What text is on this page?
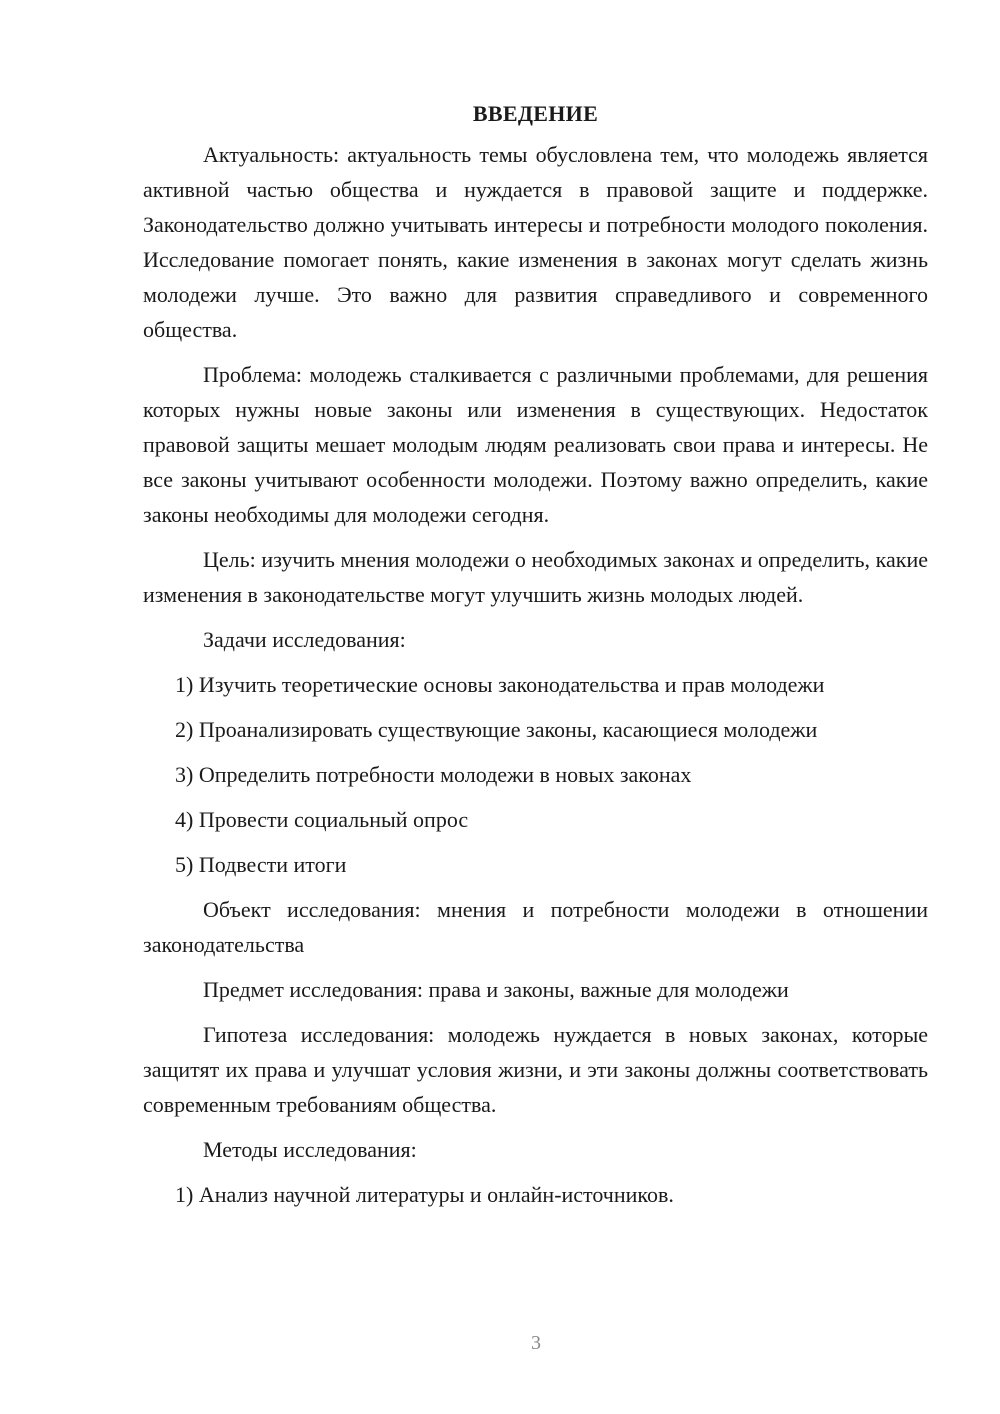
ВВЕДЕНИЕ

Актуальность: актуальность темы обусловлена тем, что молодежь является активной частью общества и нуждается в правовой защите и поддержке. Законодательство должно учитывать интересы и потребности молодого поколения. Исследование помогает понять, какие изменения в законах могут сделать жизнь молодежи лучше. Это важно для развития справедливого и современного общества.

Проблема: молодежь сталкивается с различными проблемами, для решения которых нужны новые законы или изменения в существующих. Недостаток правовой защиты мешает молодым людям реализовать свои права и интересы. Не все законы учитывают особенности молодежи. Поэтому важно определить, какие законы необходимы для молодежи сегодня.

Цель: изучить мнения молодежи о необходимых законах и определить, какие изменения в законодательстве могут улучшить жизнь молодых людей.

Задачи исследования:
1) Изучить теоретические основы законодательства и прав молодежи
2) Проанализировать существующие законы, касающиеся молодежи
3) Определить потребности молодежи в новых законах
4) Провести социальный опрос
5) Подвести итоги

Объект исследования: мнения и потребности молодежи в отношении законодательства

Предмет исследования: права и законы, важные для молодежи

Гипотеза исследования: молодежь нуждается в новых законах, которые защитят их права и улучшат условия жизни, и эти законы должны соответствовать современным требованиям общества.

Методы исследования:
1) Анализ научной литературы и онлайн-источников.
3
